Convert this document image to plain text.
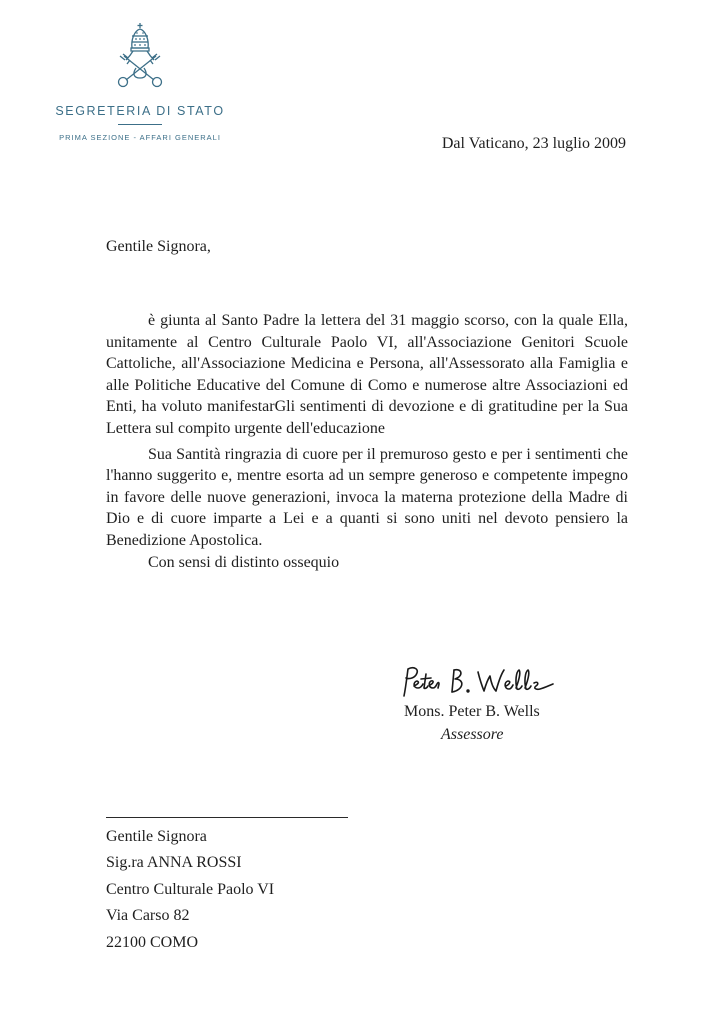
SEGRETERIA DI STATO
PRIMA SEZIONE - AFFARI GENERALI	Dal Vaticano, 23 luglio 2009
Gentile Signora,

è giunta al Santo Padre la lettera del 31 maggio scorso, con la quale Ella, unitamente al Centro Culturale Paolo VI, all'Associazione Genitori Scuole Cattoliche, all'Associazione Medicina e Persona, all'Assessorato alla Famiglia e alle Politiche Educative del Comune di Como e numerose altre Associazioni ed Enti, ha voluto manifestarGli sentimenti di devozione e di gratitudine per la Sua Lettera sul compito urgente dell'educazione

Sua Santità ringrazia di cuore per il premuroso gesto e per i sentimenti che l'hanno suggerito e, mentre esorta ad un sempre generoso e competente impegno in favore delle nuove generazioni, invoca la materna protezione della Madre di Dio e di cuore imparte a Lei e a quanti si sono uniti nel devoto pensiero la Benedizione Apostolica.

Con sensi di distinto ossequio

Mons. Peter B. Wells
Assessore
Gentile Signora
Sig.ra ANNA ROSSI
Centro Culturale Paolo VI
Via Carso 82
22100 COMO
